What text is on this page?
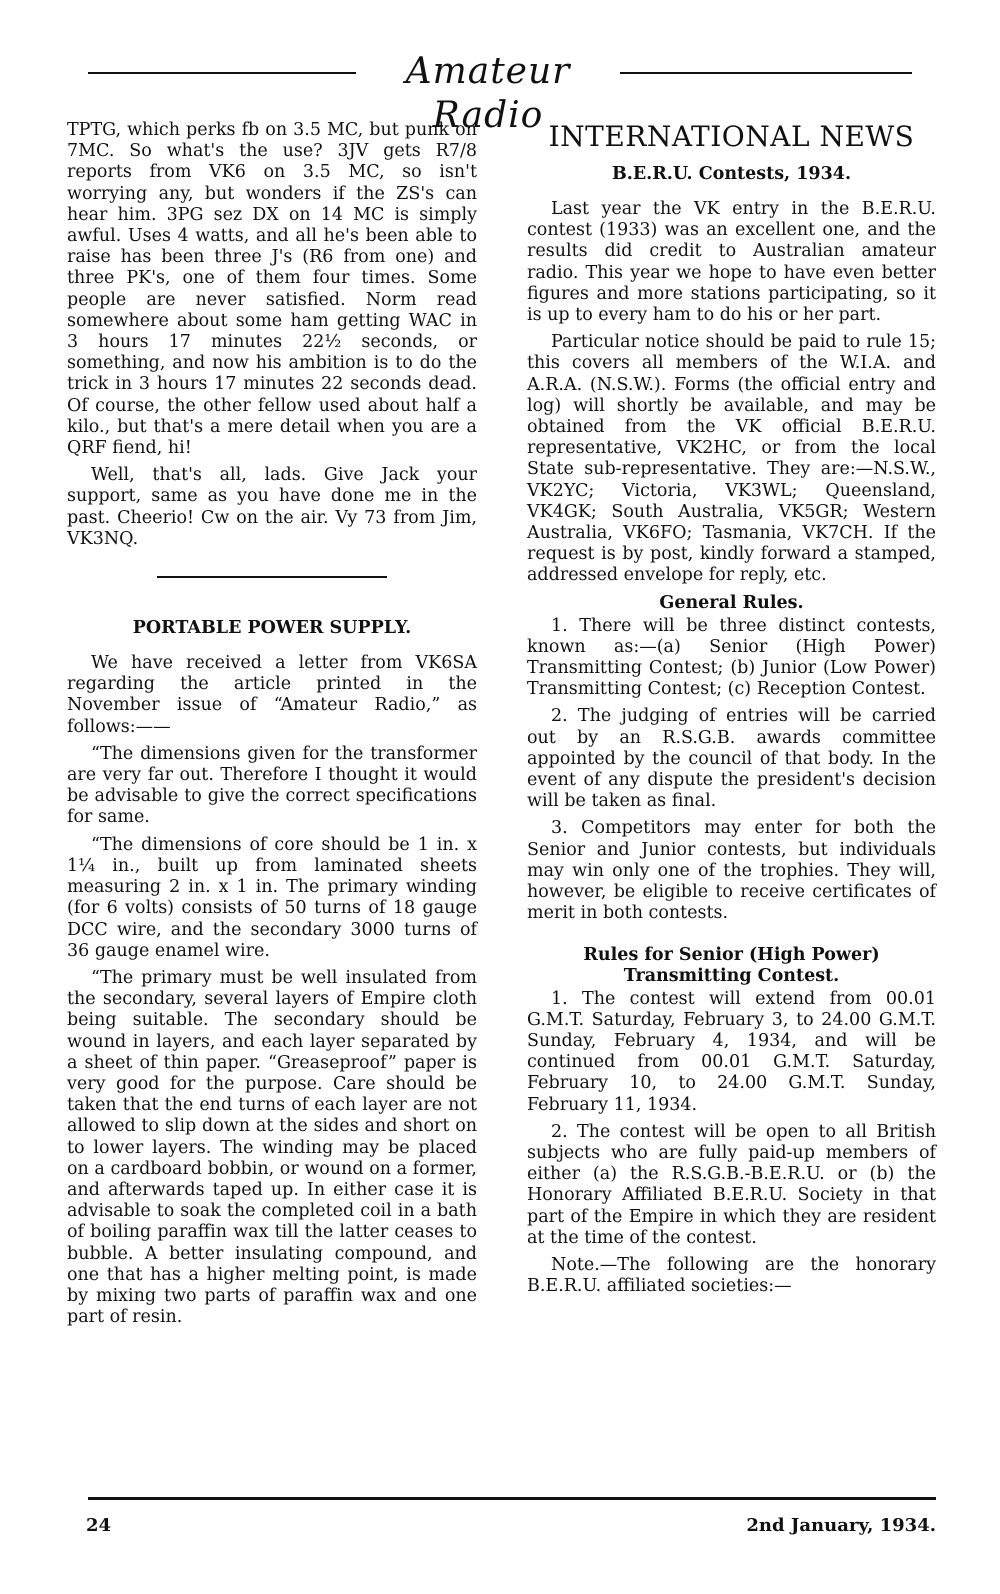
Amateur Radio

TPTG, which perks fb on 3.5 MC, but punk on 7MC. So what's the use? 3JV gets R7/8 reports from VK6 on 3.5 MC, so isn't worrying any, but wonders if the ZS's can hear him. 3PG sez DX on 14 MC is simply awful. Uses 4 watts, and all he's been able to raise has been three J's (R6 from one) and three PK's, one of them four times. Some people are never satisfied. Norm read somewhere about some ham getting WAC in 3 hours 17 minutes 22½ seconds, or something, and now his ambition is to do the trick in 3 hours 17 minutes 22 seconds dead. Of course, the other fellow used about half a kilo., but that's a mere detail when you are a QRF fiend, hi!

Well, that's all, lads. Give Jack your support, same as you have done me in the past. Cheerio! Cw on the air. Vy 73 from Jim, VK3NQ.

PORTABLE POWER SUPPLY.

We have received a letter from VK6SA regarding the article printed in the November issue of “Amateur Radio,” as follows:——

“The dimensions given for the transformer are very far out. Therefore I thought it would be advisable to give the correct specifications for same.

“The dimensions of core should be 1 in. x 1¼ in., built up from laminated sheets measuring 2 in. x 1 in. The primary winding (for 6 volts) consists of 50 turns of 18 gauge DCC wire, and the secondary 3000 turns of 36 gauge enamel wire.

“The primary must be well insulated from the secondary, several layers of Empire cloth being suitable. The secondary should be wound in layers, and each layer separated by a sheet of thin paper. “Greaseproof” paper is very good for the purpose. Care should be taken that the end turns of each layer are not allowed to slip down at the sides and short on to lower layers. The winding may be placed on a cardboard bobbin, or wound on a former, and afterwards taped up. In either case it is advisable to soak the completed coil in a bath of boiling paraffin wax till the latter ceases to bubble. A better insulating compound, and one that has a higher melting point, is made by mixing two parts of paraffin wax and one part of resin.

INTERNATIONAL NEWS
B.E.R.U. Contests, 1934.

Last year the VK entry in the B.E.R.U. contest (1933) was an excellent one, and the results did credit to Australian amateur radio. This year we hope to have even better figures and more stations participating, so it is up to every ham to do his or her part.

Particular notice should be paid to rule 15; this covers all members of the W.I.A. and A.R.A. (N.S.W.). Forms (the official entry and log) will shortly be available, and may be obtained from the VK official B.E.R.U. representative, VK2HC, or from the local State sub-representative. They are:—N.S.W., VK2YC; Victoria, VK3WL; Queensland, VK4GK; South Australia, VK5GR; Western Australia, VK6FO; Tasmania, VK7CH. If the request is by post, kindly forward a stamped, addressed envelope for reply, etc.

General Rules.

1. There will be three distinct contests, known as:—(a) Senior (High Power) Transmitting Contest; (b) Junior (Low Power) Transmitting Contest; (c) Reception Contest.

2. The judging of entries will be carried out by an R.S.G.B. awards committee appointed by the council of that body. In the event of any dispute the president's decision will be taken as final.

3. Competitors may enter for both the Senior and Junior contests, but individuals may win only one of the trophies. They will, however, be eligible to receive certificates of merit in both contests.

Rules for Senior (High Power) Transmitting Contest.

1. The contest will extend from 00.01 G.M.T. Saturday, February 3, to 24.00 G.M.T. Sunday, February 4, 1934, and will be continued from 00.01 G.M.T. Saturday, February 10, to 24.00 G.M.T. Sunday, February 11, 1934.

2. The contest will be open to all British subjects who are fully paid-up members of either (a) the R.S.G.B.-B.E.R.U. or (b) the Honorary Affiliated B.E.R.U. Society in that part of the Empire in which they are resident at the time of the contest.

Note.—The following are the honorary B.E.R.U. affiliated societies:—

24	2nd January, 1934.
